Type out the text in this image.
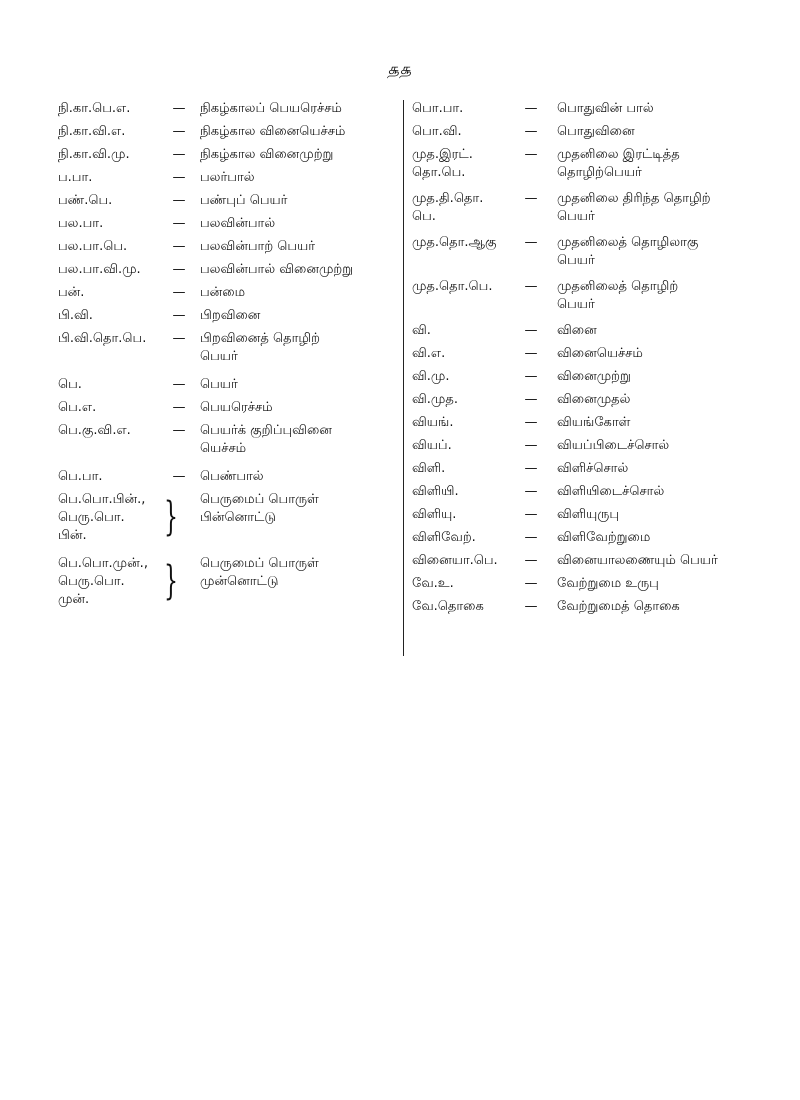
௲௲
நி.கா.பெ.எ.	—	நிகழ்காலப் பெயரெச்சம்
நி.கா.வி.எ.	—	நிகழ்கால வினையெச்சம்
நி.கா.வி.மு.	—	நிகழ்கால வினைமுற்று
ப.பா.	—	பலர்பால்
பண்.பெ.	—	பண்புப் பெயர்
பல.பா.	—	பலவின்பால்
பல.பா.பெ.	—	பலவின்பாற் பெயர்
பல.பா.வி.மு.	—	பலவின்பால் வினைமுற்று
பன்.	—	பன்மை
பி.வி.	—	பிறவினை
பி.வி.தொ.பெ.	—	பிறவினைத் தொழிற்
பெயர்
பெ.	—	பெயர்
பெ.எ.	—	பெயரெச்சம்
பெ.கு.வி.எ.	—	பெயர்க் குறிப்புவினை
யெச்சம்
பெ.பா.	—	பெண்பால்
பெ.பொ.பின்.,
பெரு.பொ.
பின்.	} பெருமைப் பொருள்
பின்னொட்டு
பெ.பொ.முன்.,
பெரு.பொ.
முன்.	} பெருமைப் பொருள்
முன்னொட்டு
பொ.பா.	—	பொதுவின் பால்
பொ.வி.	—	பொதுவினை
முத.இரட்.
தொ.பெ.
—	முதனிலை இரட்டித்த
தொழிற்பெயர்
முத.தி.தொ.
பெ.
—	முதனிலை திரிந்த தொழிற்
பெயர்
முத.தொ.ஆகு	—	முதனிலைத் தொழிலாகு
பெயர்
முத.தொ.பெ.	—	முதனிலைத் தொழிற்
பெயர்
வி.	—	வினை
வி.எ.	—	வினையெச்சம்
வி.மு.	—	வினைமுற்று
வி.முத.	—	வினைமுதல்
வியங்.	—	வியங்கோள்
வியப்.	—	வியப்பிடைச்சொல்
விளி.	—	விளிச்சொல்
விளியி.	—	விளியிடைச்சொல்
விளியு.	—	விளியுருபு
விளிவேற்.	—	விளிவேற்றுமை
வினையா.பெ.	—	வினையாலணையும் பெயர்
வே.உ.	—	வேற்றுமை உருபு
வே.தொகை	—	வேற்றுமைத் தொகை
